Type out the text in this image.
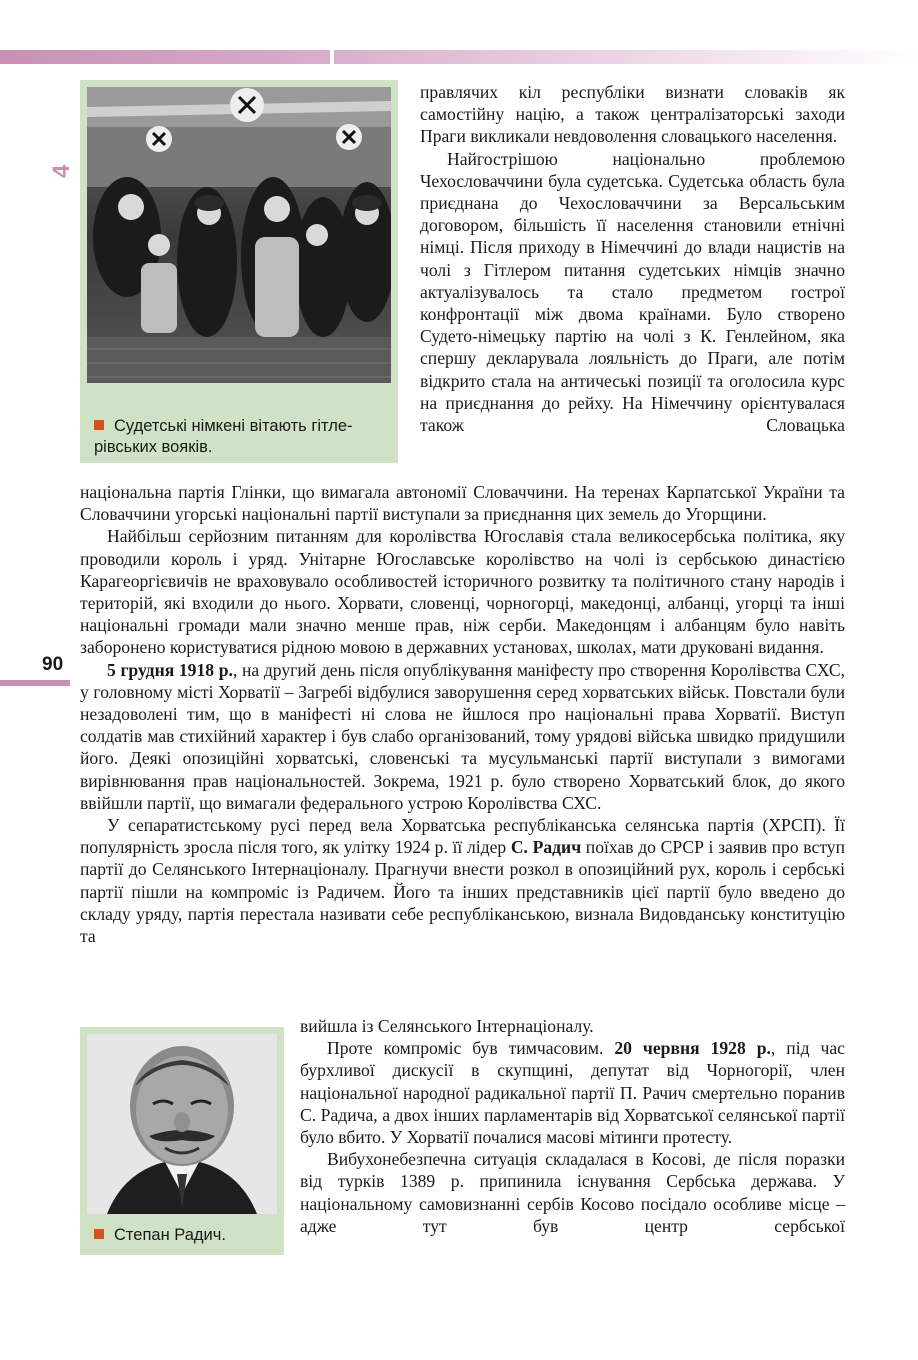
4
90
Судетські німкені вітають гітлерівських вояків.
Степан Радич.

правлячих кіл республіки визнати словаків як самостійну націю, а також централізаторські заходи Праги викликали невдоволення словацького населення.

Найгострішою національно проблемою Чехословаччини була судетська. Судетська область була приєднана до Чехословаччини за Версальським договором, більшість її населення становили етнічні німці. Після приходу в Німеччині до влади нацистів на чолі з Гітлером питання судетських німців значно актуалізувалось та стало предметом гострої конфронтації між двома країнами. Було створено Судето-німецьку партію на чолі з К. Генлейном, яка спершу декларувала лояльність до Праги, але потім відкрито стала на античеські позиції та оголосила курс на приєднання до рейху. На Німеччину орієнтувалася також Словацька

національна партія Глінки, що вимагала автономії Словаччини. На теренах Карпатської України та Словаччини угорські національні партії виступали за приєднання цих земель до Угорщини.

Найбільш серйозним питанням для королівства Югославія стала великосербська політика, яку проводили король і уряд. Унітарне Югославське королівство на чолі із сербською династією Карагеоргієвичів не враховувало особливостей історичного розвитку та політичного стану народів і територій, які входили до нього. Хорвати, словенці, чорногорці, македонці, албанці, угорці та інші національні громади мали значно менше прав, ніж серби. Македонцям і албанцям було навіть заборонено користуватися рідною мовою в державних установах, школах, мати друковані видання.

5 грудня 1918 р., на другий день після опублікування маніфесту про створення Королівства СХС, у головному місті Хорватії – Загребі відбулися заворушення серед хорватських військ. Повстали були незадоволені тим, що в маніфесті ні слова не йшлося про національні права Хорватії. Виступ солдатів мав стихійний характер і був слабо організований, тому урядові війська швидко придушили його. Деякі опозиційні хорватські, словенські та мусульманські партії виступали з вимогами вирівнювання прав національностей. Зокрема, 1921 р. було створено Хорватський блок, до якого ввійшли партії, що вимагали федерального устрою Королівства СХС.

У сепаратистському русі перед вела Хорватська республіканська селянська партія (ХРСП). Її популярність зросла після того, як улітку 1924 р. її лідер С. Радич поїхав до СРСР і заявив про вступ партії до Селянського Інтернаціоналу. Прагнучи внести розкол в опозиційний рух, король і сербські партії пішли на компроміс із Радичем. Його та інших представників цієї партії було введено до складу уряду, партія перестала називати себе республіканською, визнала Видовданську конституцію та

вийшла із Селянського Інтернаціоналу.

Проте компроміс був тимчасовим. 20 червня 1928 р., під час бурхливої дискусії в скупщині, депутат від Чорногорії, член національної народної радикальної партії П. Рачич смертельно поранив С. Радича, а двох інших парламентарів від Хорватської селянської партії було вбито. У Хорватії почалися масові мітинги протесту.

Вибухонебезпечна ситуація складалася в Косові, де після поразки від турків 1389 р. припинила існування Сербська держава. У національному самовизнанні сербів Косово посідало особливе місце – адже тут був центр сербської
